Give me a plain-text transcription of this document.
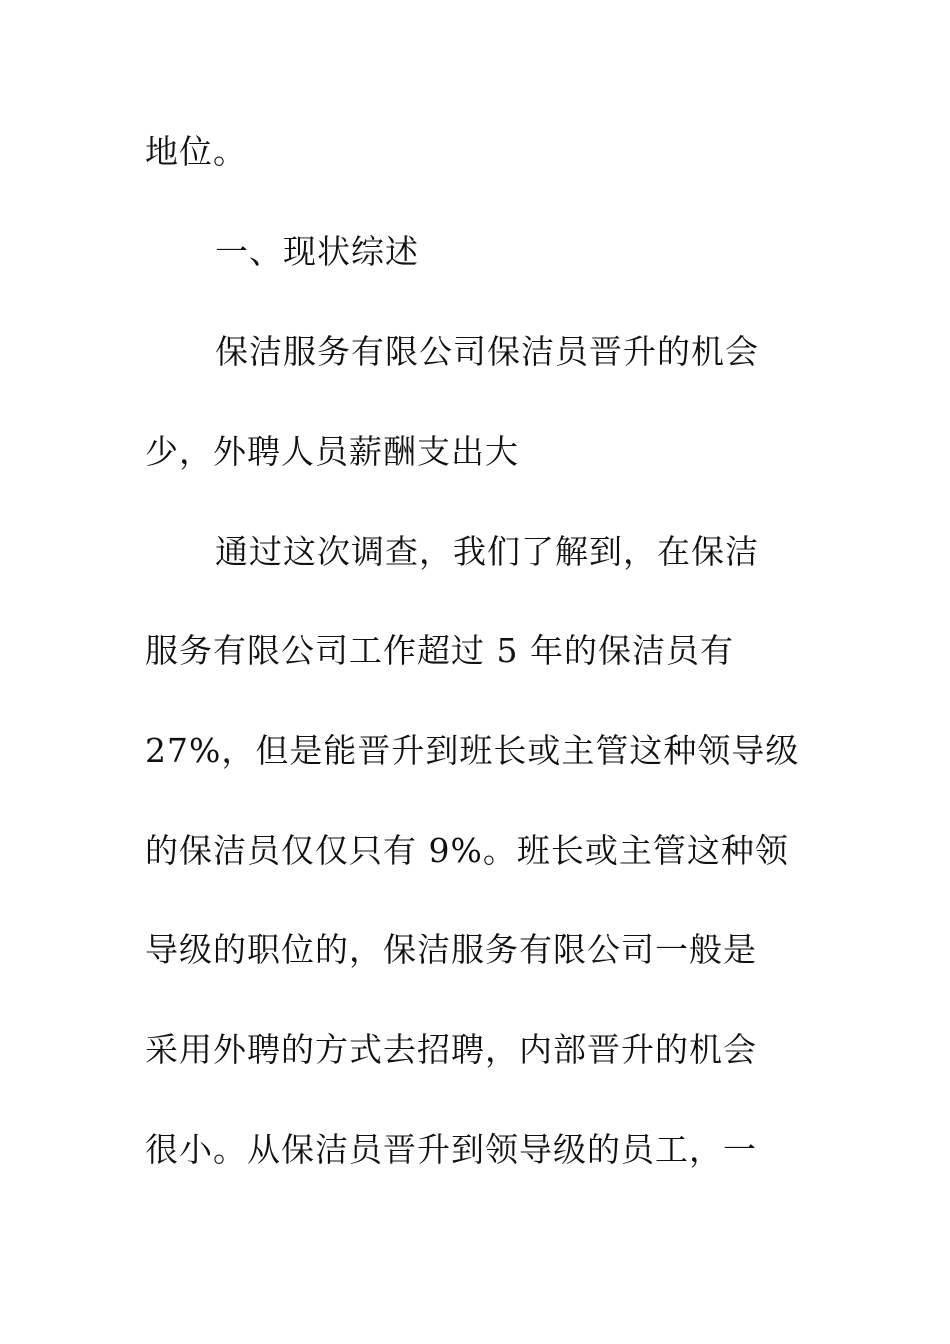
地位。
一、现状综述
保洁服务有限公司保洁员晋升的机会
少，外聘人员薪酬支出大
通过这次调查，我们了解到，在保洁
服务有限公司工作超过 5 年的保洁员有
27%，但是能晋升到班长或主管这种领导级
的保洁员仅仅只有 9%。班长或主管这种领
导级的职位的，保洁服务有限公司一般是
采用外聘的方式去招聘，内部晋升的机会
很小。从保洁员晋升到领导级的员工，一
